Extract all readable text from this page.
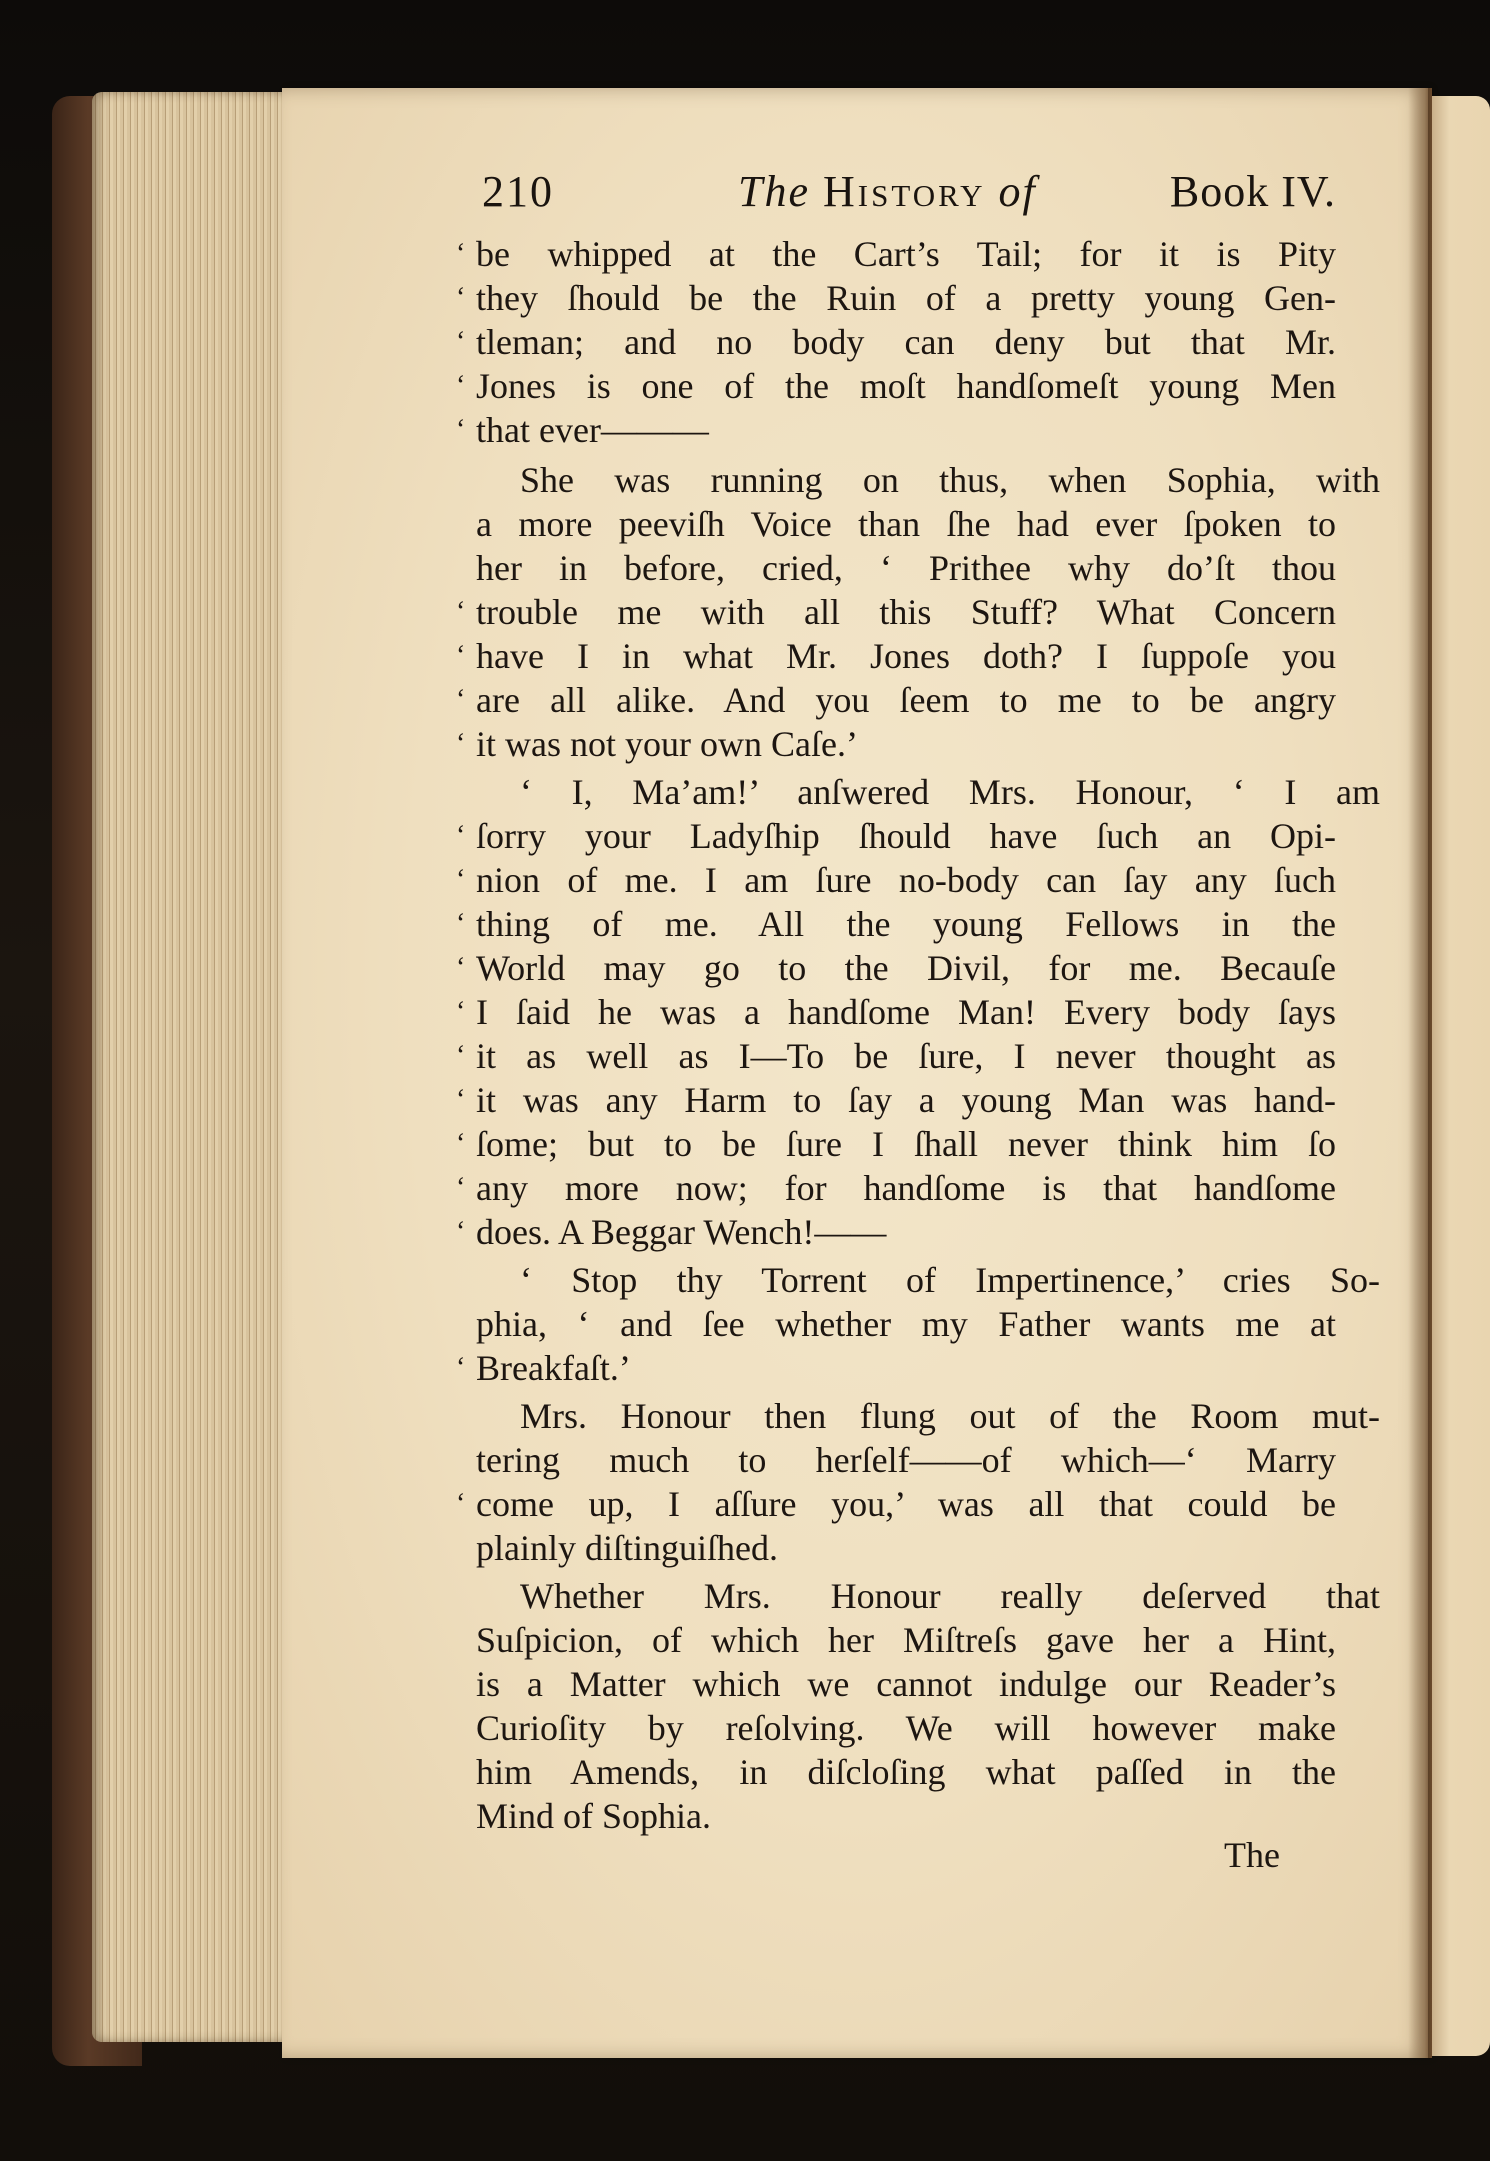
210	The History of	Book IV.
‘ be whipped at the Cart’s Tail; for it is Pity
‘ they ſhould be the Ruin of a pretty young Gen-
‘ tleman; and no body can deny but that Mr.
‘ Jones is one of the moſt handſomeſt young Men
‘ that ever———
She was running on thus, when Sophia, with
a more peeviſh Voice than ſhe had ever ſpoken to
her in before, cried, ‘ Prithee why do’ſt thou
‘ trouble me with all this Stuff? What Concern
‘ have I in what Mr. Jones doth? I ſuppoſe you
‘ are all alike. And you ſeem to me to be angry
‘ it was not your own Caſe.’
‘ I, Ma’am!’ anſwered Mrs. Honour, ‘ I am
‘ ſorry your Ladyſhip ſhould have ſuch an Opi-
‘ nion of me. I am ſure no-body can ſay any ſuch
‘ thing of me. All the young Fellows in the
‘ World may go to the Divil, for me. Becauſe
‘ I ſaid he was a handſome Man! Every body ſays
‘ it as well as I—To be ſure, I never thought as
‘ it was any Harm to ſay a young Man was hand-
‘ ſome; but to be ſure I ſhall never think him ſo
‘ any more now; for handſome is that handſome
‘ does. A Beggar Wench!——
‘ Stop thy Torrent of Impertinence,’ cries So-
phia, ‘ and ſee whether my Father wants me at
‘ Breakfaſt.’
Mrs. Honour then flung out of the Room mut-
tering much to herſelf——of which—‘ Marry
‘ come up, I aſſure you,’ was all that could be
plainly diſtinguiſhed.
Whether Mrs. Honour really deſerved that
Suſpicion, of which her Miſtreſs gave her a Hint,
is a Matter which we cannot indulge our Reader’s
Curioſity by reſolving. We will however make
him Amends, in diſcloſing what paſſed in the
Mind of Sophia.
The
